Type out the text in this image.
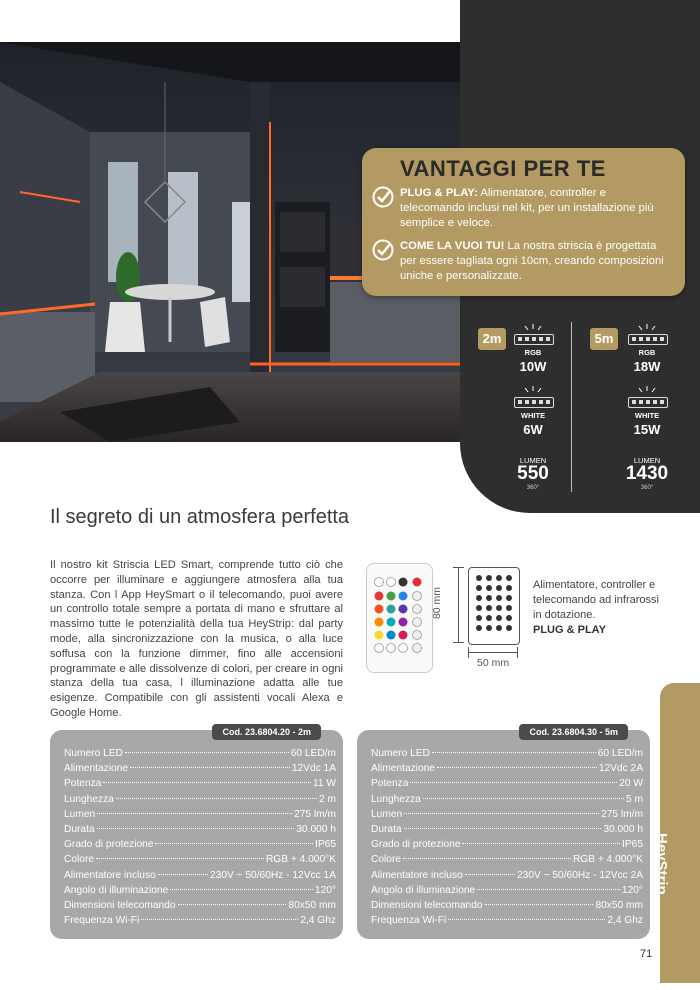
VANTAGGI PER TE
PLUG & PLAY: Alimentatore, controller e telecomando inclusi nel kit, per un installazione più semplice e veloce.
COME LA VUOI TU! La nostra striscia è progettata per essere tagliata ogni 10cm, creando composizioni uniche e personalizzate.
2m
RGB
10W
WHITE
6W
LUMEN
550
360°
5m
RGB
18W
WHITE
15W
LUMEN
1430
360°
Il segreto di un atmosfera perfetta
Il nostro kit Striscia LED Smart, comprende tutto ciò che occorre per illuminare e aggiungere atmosfera alla tua stanza. Con l App HeySmart o il telecomando, puoi avere un controllo totale sempre a portata di mano e sfruttare al massimo tutte le potenzialità della tua HeyStrip: dal party mode, alla sincronizzazione con la musica, o alla luce soffusa con la funzione dimmer, fino alle accensioni programmate e alle dissolvenze di colori, per creare in ogni stanza della tua casa, l illuminazione adatta alle tue esigenze. Compatibile con gli assistenti vocali Alexa e Google Home.
80 mm
50 mm
Alimentatore, controller e telecomando ad infrarossi in dotazione.
PLUG & PLAY
Cod. 23.6804.20 - 2m
Numero LED	60 LED/m
Alimentazione	12Vdc 1A
Potenza	11 W
Lunghezza	2 m
Lumen	275 lm/m
Durata	30.000 h
Grado di protezione	IP65
Colore	RGB + 4.000°K
Alimentatore incluso	230V ~ 50/60Hz - 12Vcc 1A
Angolo di illuminazione	120°
Dimensioni telecomando	80x50 mm
Frequenza Wi-Fi	2,4 Ghz
Cod. 23.6804.30 - 5m
Numero LED	60 LED/m
Alimentazione	12Vdc 2A
Potenza	20 W
Lunghezza	5 m
Lumen	275 lm/m
Durata	30.000 h
Grado di protezione	IP65
Colore	RGB + 4.000°K
Alimentatore incluso	230V ~ 50/60Hz - 12Vcc 2A
Angolo di illuminazione	120°
Dimensioni telecomando	80x50 mm
Frequenza Wi-Fi	2,4 Ghz
HeyStrip
71
